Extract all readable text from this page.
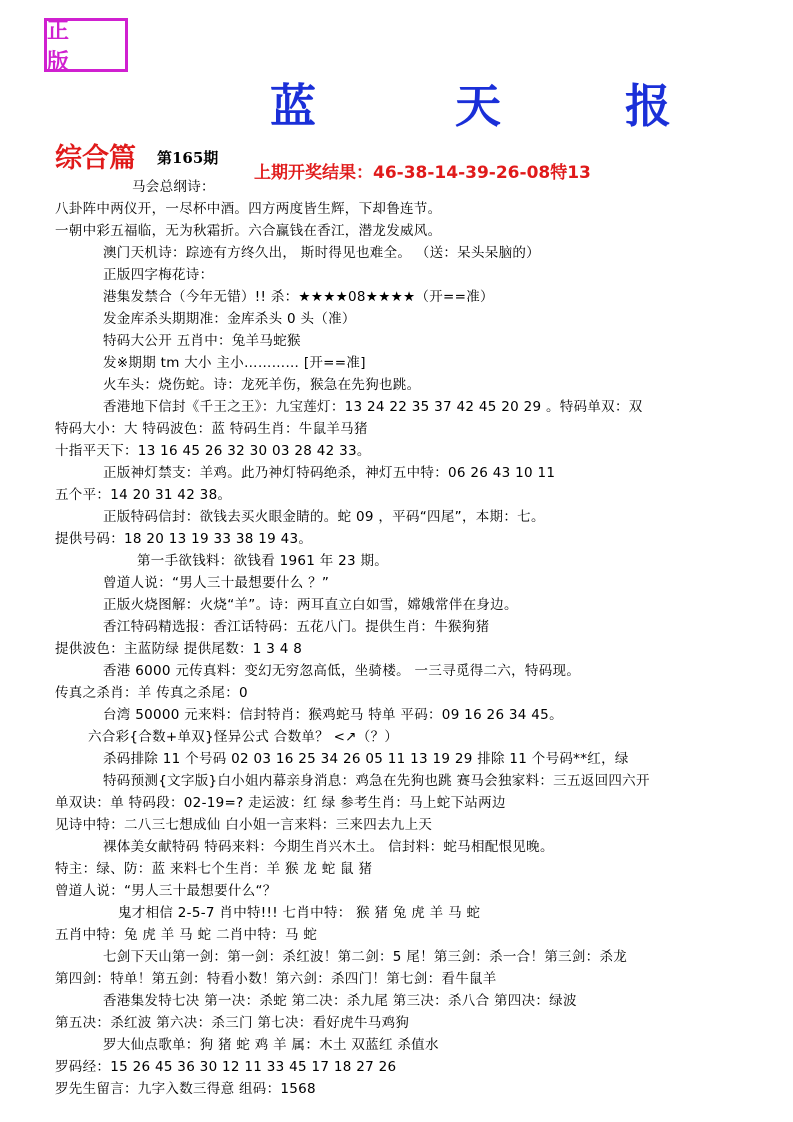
正 版
蓝	天	报
综合篇 第165期
上期开奖结果：46-38-14-39-26-08特13
马会总纲诗：
八卦阵中两仪开，一尽杯中酒。四方两度皆生辉，下却鲁连节。
一朝中彩五福临，无为秋霜折。六合赢钱在香江，潜龙发威风。
澳门天机诗：踪迹有方终久出， 斯时得见也难全。 （送：呆头呆脑的）
正版四字梅花诗：
港集发禁合（今年无错）!! 杀：★★★★08★★★★（开==准）
发金库杀头期期准：金库杀头 0 头（准）
特码大公开 五肖中：兔羊马蛇猴
发※期期 tm 大小 主小………… [开==准]
火车头：烧伤蛇。诗：龙死羊伤，猴急在先狗也跳。
香港地下信封《千王之王》：九宝莲灯：13 24 22 35 37 42 45 20 29 。特码单双：双
特码大小：大 特码波色：蓝 特码生肖：牛鼠羊马猪
十指平天下：13 16 45 26 32 30 03 28 42 33。
正版神灯禁支：羊鸡。此乃神灯特码绝杀，神灯五中特：06 26 43 10 11
五个平：14 20 31 42 38。
正版特码信封：欲钱去买火眼金睛的。蛇 09 ，平码“四尾”，本期：七。
提供号码：18 20 13 19 33 38 19 43。
第一手欲钱料：欲钱看 1961 年 23 期。
曾道人说：“男人三十最想要什么 ？”
正版火烧图解：火烧“羊”。诗：两耳直立白如雪，嫦娥常伴在身边。
香江特码精选报：香江话特码：五花八门。提供生肖：牛猴狗猪
提供波色：主蓝防绿 提供尾数：1 3 4 8
香港 6000 元传真料：变幻无穷忽高低，坐骑楼。 一三寻觅得二六，特码现。
传真之杀肖：羊 传真之杀尾：0
台湾 50000 元来料：信封特肖：猴鸡蛇马 特单 平码：09 16 26 34 45。
六合彩{合数+单双}怪异公式 合数单？ <↗（？）
杀码排除 11 个号码 02 03 16 25 34 26 05 11 13 19 29 排除 11 个号码**红，绿
特码预测{文字版}白小姐内幕亲身消息：鸡急在先狗也跳 赛马会独家料：三五返回四六开
单双诀：单 特码段：02-19=? 走运波：红 绿 参考生肖：马上蛇下站两边
见诗中特：二八三七想成仙 白小姐一言来料：三来四去九上天
裸体美女献特码 特码来料：今期生肖兴木土。 信封料：蛇马相配恨见晚。
特主：绿、防：蓝 来料七个生肖：羊 猴 龙 蛇 鼠 猪
曾道人说：“男人三十最想要什么“？
鬼才相信 2-5-7 肖中特!!! 七肖中特： 猴 猪 兔 虎 羊 马 蛇
五肖中特：兔 虎 羊 马 蛇 二肖中特：马 蛇
七剑下天山第一剑：第一剑：杀红波！第二剑：5 尾！第三剑：杀一合！第三剑：杀龙
第四剑：特单！第五剑：特看小数！第六剑：杀四门！第七剑：看牛鼠羊
香港集发特七决 第一决：杀蛇 第二决：杀九尾 第三决：杀八合 第四决：绿波
第五决：杀红波 第六决：杀三门 第七决：看好虎牛马鸡狗
罗大仙点歌单：狗 猪 蛇 鸡 羊 属：木土 双蓝红 杀值水
罗码经：15 26 45 36 30 12 11 33 45 17 18 27 26
罗先生留言：九字入数三得意 组码：1568
